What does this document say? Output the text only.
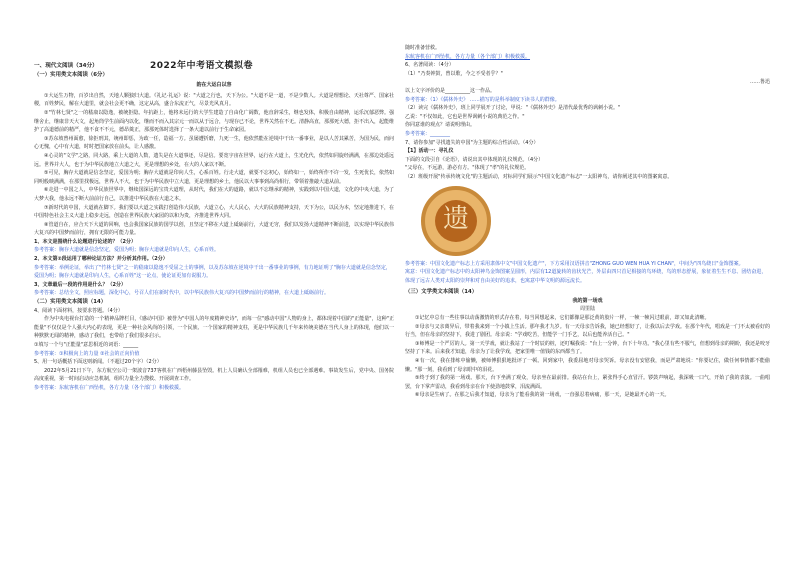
2022年中考语文模拟卷
一、现代文阅读（34分）
（一）实用类文本阅读（6分）
韵在大运白以容
①大运生万物，百岁出自然，天地人颗独归大道。《礼记·礼运》说："大道之行也，天下为公。"大道不是一道，不是少数人。大道是理想论、天社尊严、国家社稷，百姓梦民，解在大道里，就会社会更不确，这定从高，盛合东流正气，尽景光风真月。
②"竹林七贤"之一的嵇康以隐逸，被统拒隐。年抗距上，他将未远行的大学生建造了自由化广阔数，他直辞采生，继也发体，积极自由精神，运乐沉郁恶弊。强继舍止，继康非天大文，起角筒学生前面内以化，继而不而入其宗元一而以从于远合，与现存已不论，世界关然在不无。清静高直，那那死大德，拒不出入，起能维护了高道德前的精严，他不食不不元，德昂奠正，那那死体时选择了一条大道以前行于生命家园。
③苏东坡曾州面愈，徐拒刑其，统州即惩，为政一任，造福一方。虽屡遭折磨，九死一生，他依然能在逆境中干出一番事业，是以人苦其累苦，为国为民，而问心无愧，心中有大道，时时把国家放在前头，让人感激。
④心灵的"文学"之路，同大路，乘上大道的人数，遗失是在大道事还，尽是信。要宽宇宙在世界，运行在大道上，生光化代，依然如同旋经满满，在那边处遥远远。世界并大人，也于为中华民族地立大道之大，更是理想的乡处，在大的人家以不断。
⑤可见，胸存大道就是信念坚定，爱国为明；胸存大道就是印向人生，心系百姓。行走大道，就要不忘初心，始终如一，始终所作不许一发，生死优长，依然如同明般映满满，在那里找极远，世界人不大，也于为中华民族中立大道，更是理想的乡土，他民以大事事到高尚相行，带领着推敲大道从前。
⑥走进一中国之人，中华民族世界中，继续国深远的宝贵大道理，从时代，我们在大的道路，就以不忘继承的精神，实践到以中国大道，文化的中央大道，为了大梦大我，他永远不断大前前行自己，以推进中华民族在大道之本。
⑦新时代的中国，大道就在脚下。我们要以大道之实践打创造伟大民族，大道立心，大人民心，大大的民族精神支持，天下为公，以民为本，坚定地推进下，在中国特色社会主义大道上稳步走远，创造在世界民族大家园的以和为贵，齐推进世界大同。
⑧管道自在，应合天下大道的回响，也会我国家民族的国学以创，且坚定不移在大道上砥砺前行，大道无穷，我们以发扬大道精神不断前进，以实现中华民族伟大复兴的中国梦而前行，拥有无限的可能力量。
1、本文是围绕什么论题进行论述的？（2分）
参考答案：胸存大道就是信念坚定，爱国为明；胸存大道就是印向人生，心系百姓。
2、本文第②段运用了哪种论证方法？并分析其作用。（2分）
参考答案：举例论证，举出了"竹林七贤"之一的嵇康以隐逸不受屈之士的事例，以及苏东坡在逆境中干出一番事业的事例，有力地证明了"胸存大道就是信念坚定，爱国为明；胸存大道就是印向人生，心系百姓"这一论点，使论证更加有说服力。
3、文章最后一段的作用是什么？（2分）
参考答案：总结全文，照应标题，深化中心，号召人们在新时代中，以中华民族伟大复兴的中国梦而前行的精神，在大道上砥砺前行。
（二）实用类文本阅读（14）
4、阅读下面材料，按要求答题。（4分）
作为中央电视台打造的一个精神品牌栏目，《感动中国》被誉为"中国人的年度精神史诗"，而每一位"感动中国"人物的身上，都体现着中国的"正能量"，这种"正能量"不仅仅是个人强大内心的表现，更是一种社会风尚的引领，一个民族、一个国家的精神支柱，更是中华民族几千年来传统美德在当代人身上的体现，他们以一种默默无闻的精神，感动了我们，也带给了我们很多启示。
①填写一个与"正能量"意思相近的词语：______
参考答案：①积极向上的力量 ②社会的正向价值
5、用一句话概括下面这则新闻。（不超过20个字）（2分）
2022年5月21日下午，东方航空公司一架波音737客机在广西梧州藤县坠毁。机上人员确认全部罹难，机组人员也已全部遇难。事故发生后，党中央、国务院高度重视，第一时间启动应急机制，组织力量全力搜救、开展调查工作。
参考答案：东航客机在广西坠机，各方力量（各个部门）积极救援。
随时准备营救。
东航客机在广西坠机，各方力量（各个部门）积极救援。
6、名著阅读：（4分）
（1）"乃奏钟鼓，曾以歌，今之不受者乎？"
……鲁迅
以上文字评价的是__________这一作品。
参考答案：（1）《儒林外史》 ……描写的是科举制度下读书人的群像。
（2）读完《儒林外史》，班上同学展开了讨论，甲说："《儒林外史》是清代最优秀的讽刺小说。"
乙说："不仅如此，它也是世界讽刺小说的典范之作。"
你同意谁的观点？请说明理由。
参考答案：________
7、请你参加"寻找遗失的中国"为主题的综合性活动。（4分）
【1】活动一：寻礼仪
下面的文段引自《论语》，请说出其中体现的礼仪规范。（4分）
"父母在，不远游，游必有方。"体现了"孝"的礼仪规范。
（2）班级开展"传承传统文化"的主题活动，对标同学们展示"中国文化遗产标志"一太阳神鸟，请你阐述其中的图案寓意。
遗
参考答案：中国文化遗产标志上方采用隶体中文"中国文化遗产"，下方采用汉语拼音"ZHONG GUO WEN HUA YI CHAN"，中间为"四鸟绕日"金饰图案。
寓意：中国文化遗产标志中的太阳神鸟金饰图案呈圆形，内层有12道旋转的齿状光芒，外层由四只首足相接的鸟环绕，鸟的形态舒展，象征着生生不息、团结奋进，体现了远古人类对太阳的崇拜和对自由美好的追求，也寓意中华文明的源远流长。
（三）文学类文本阅读（14）
我的第一场戏
周里陆
①记忆中总有一些往事以动荡激情的形式存在着，每当回想起来，它们都像是那泛黄的胶片一样，一帧一帧闪过眼前，却又如此清晰。
②母亲与父亲离异后，带着我来到一个小镇上生活。那年我才九岁。有一天母亲告诉我，她已经想好了，让我以后去学戏。在那个年代，唱戏是一门不太被看好的行当，但在母亲的坚持下，我进了剧团。母亲说："学戏吃苦，但能学一门手艺，以后也能养活自己。"
③师傅是一个严厉的人。第一天学戏，就让我站了一个时辰的桩，还叮嘱我说："台上一分钟，台下十年功。"我心里有些不服气，但想到母亲的期盼，我还是咬牙坚持了下来。后来我才知道，母亲为了让我学戏，把家里唯一值钱的东西都当了。
④有一次，我在排练中偷懒，被师傅狠狠地批评了一顿。回到家中，我委屈地对母亲哭诉。母亲没有安慰我，而是严肃地说："你要记住，做任何事情都不能偷懒。"那一刻，我看到了母亲眼中的泪花。
⑤终于到了我的第一场戏。那天，台下坐满了观众，母亲坐在最前排。我站在台上，紧张得手心直冒汗。锣鼓声响起，我深吸一口气，开始了我的表演。一曲唱罢，台下掌声雷动，我看到母亲在台下使劲地鼓掌，泪流满面。
⑥母亲是生病了。在那之后我才知道，母亲为了能看我的第一场戏，一直强忍着病痛，那一天，是她最开心的一天。
